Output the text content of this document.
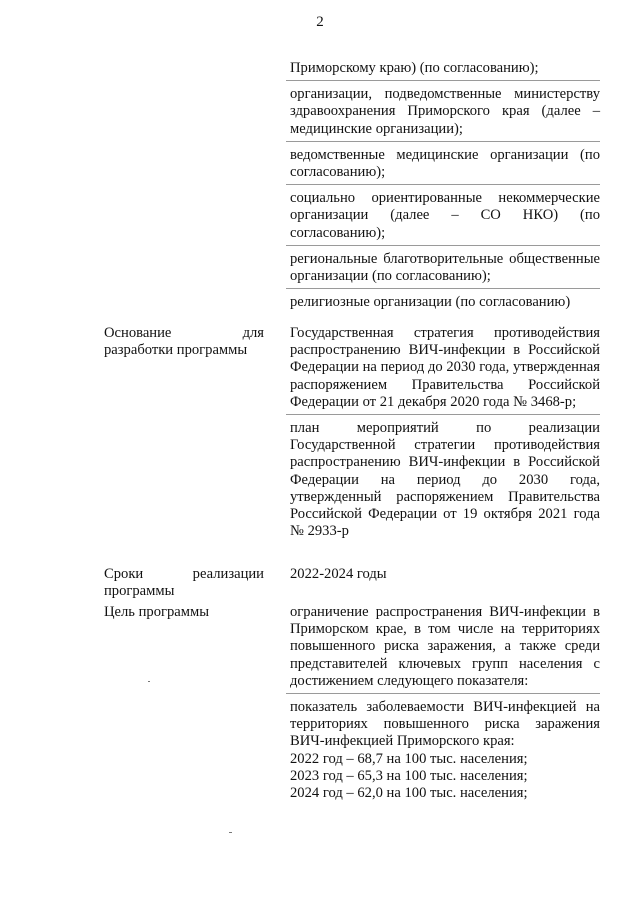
2

Приморскому краю) (по согласованию);

организации, подведомственные министерству здравоохранения Приморского края (далее – медицинские организации);

ведомственные медицинские организации (по согласованию);

социально ориентированные некоммерческие организации (далее – СО НКО) (по согласованию);

региональные благотворительные общественные организации (по согласованию);

религиозные организации (по согласованию)

Основание для разработки программы

Государственная стратегия противодействия распространению ВИЧ-инфекции в Российской Федерации на период до 2030 года, утвержденная распоряжением Правительства Российской Федерации от 21 декабря 2020 года № 3468-р;

план мероприятий по реализации Государственной стратегии противодействия распространению ВИЧ-инфекции в Российской Федерации на период до 2030 года, утвержденный распоряжением Правительства Российской Федерации от 19 октября 2021 года № 2933-р

Сроки реализации программы

2022-2024 годы

Цель программы	ограничение распространения ВИЧ-инфекции в Приморском крае, в том числе на территориях повышенного риска заражения, а также среди представителей ключевых групп населения с достижением следующего показателя:

показатель заболеваемости ВИЧ-инфекцией на территориях повышенного риска заражения ВИЧ-инфекцией Приморского края:

2022 год – 68,7 на 100 тыс. населения;

2023 год – 65,3 на 100 тыс. населения;

2024 год – 62,0 на 100 тыс. населения;
